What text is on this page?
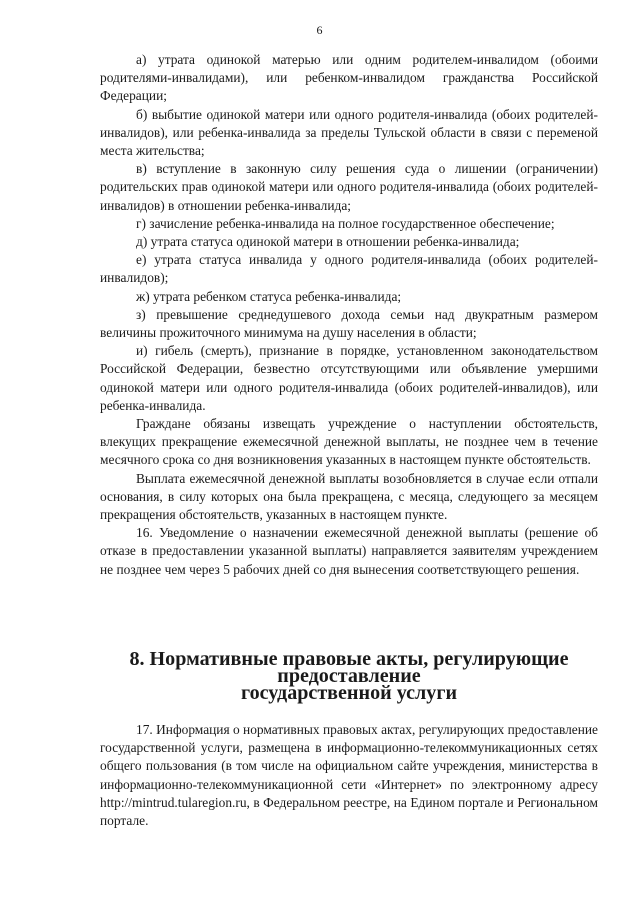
6

а) утрата одинокой матерью или одним родителем-инвалидом (обоими родителями-инвалидами), или ребенком-инвалидом гражданства Российской Федерации;

б) выбытие одинокой матери или одного родителя-инвалида (обоих родителей-инвалидов), или ребенка-инвалида за пределы Тульской области в связи с переменой места жительства;

в) вступление в законную силу решения суда о лишении (ограничении) родительских прав одинокой матери или одного родителя-инвалида (обоих родителей-инвалидов) в отношении ребенка-инвалида;

г) зачисление ребенка-инвалида на полное государственное обеспечение;

д) утрата статуса одинокой матери в отношении ребенка-инвалида;

е) утрата статуса инвалида у одного родителя-инвалида (обоих родителей-инвалидов);

ж) утрата ребенком статуса ребенка-инвалида;

з) превышение среднедушевого дохода семьи над двукратным размером величины прожиточного минимума на душу населения в области;

и) гибель (смерть), признание в порядке, установленном законодательством Российской Федерации, безвестно отсутствующими или объявление умершими одинокой матери или одного родителя-инвалида (обоих родителей-инвалидов), или ребенка-инвалида.

Граждане обязаны извещать учреждение о наступлении обстоятельств, влекущих прекращение ежемесячной денежной выплаты, не позднее чем в течение месячного срока со дня возникновения указанных в настоящем пункте обстоятельств.

Выплата ежемесячной денежной выплаты возобновляется в случае если отпали основания, в силу которых она была прекращена, с месяца, следующего за месяцем прекращения обстоятельств, указанных в настоящем пункте.

16. Уведомление о назначении ежемесячной денежной выплаты (решение об отказе в предоставлении указанной выплаты) направляется заявителям учреждением не позднее чем через 5 рабочих дней со дня вынесения соответствующего решения.

8. Нормативные правовые акты, регулирующие предоставление
государственной услуги

17. Информация о нормативных правовых актах, регулирующих предоставление государственной услуги, размещена в информационно-телекоммуникационных сетях общего пользования (в том числе на официальном сайте учреждения, министерства в информационно-телекоммуникационной сети «Интернет» по электронному адресу http://mintrud.tularegion.ru, в Федеральном реестре, на Едином портале и Региональном портале.
